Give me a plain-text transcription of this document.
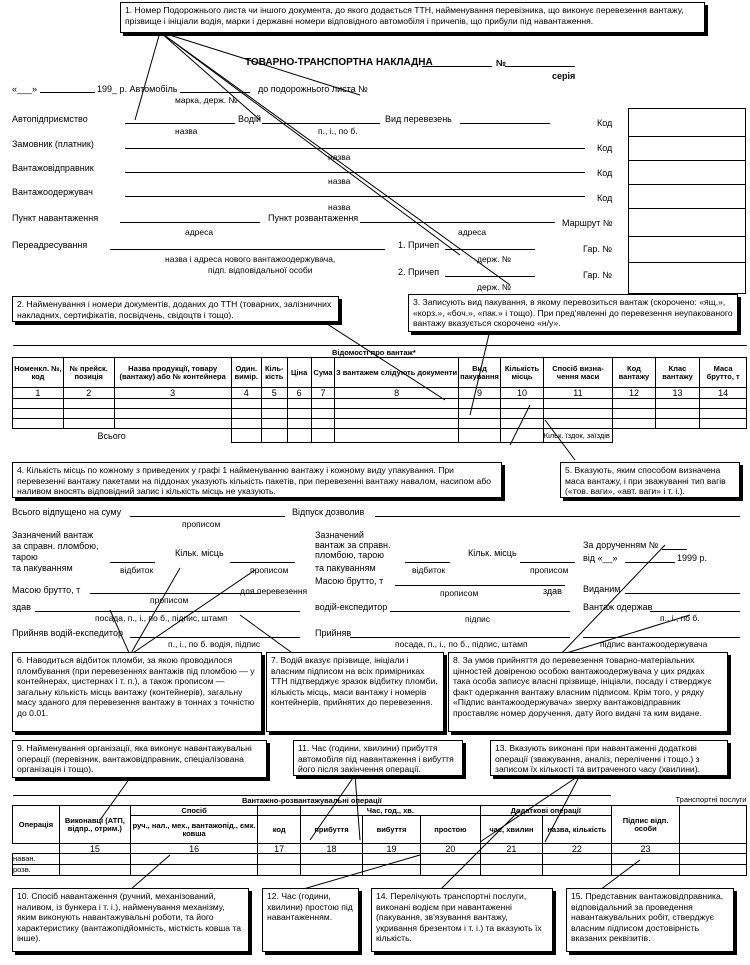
1. Номер Подорожнього листа чи іншого документа, до якого додається ТТН, найменування перевізника, що виконує перевезення вантажу, прізвище і ініціали водія, марки і державні номери відповідного автомобіля і причепів, що прибули під навантаження.
ТОВАРНО-ТРАНСПОРТНА НАКЛАДНА	№
серія
«___»	199_ р. Автомобіль	до подорожнього листа №
марка, держ. №
Автопідприємство	Водій	Вид перевезень	Код
назва	п., і., по б.
Замовник (платник)	Код
назва
Вантажовідправник	Код
назва
Вантажоодержувач
Код
назва
Пункт навантаження	Пункт розвантаження	Маршрут №
адреса	адреса
Переадресування	1. Причеп	Гар. №
назва і адреса нового вантажоодержувача,	держ. №
підп. відповідальної особи	2. Причеп	Гар. №
держ. №
2. Найменування і номери документів, доданих до ТТН (товарних, залізничних накладних, сертифікатів, посвідчень, свідоцтв і тощо).
3. Записують вид пакування, в якому перевозиться вантаж (скорочено: «ящ.», «корз.», «боч.», «пак.» і тощо). При пред'явленні до перевезення неупакованого вантажу вказується скорочено «н/у».
Відомості про вантаж*

Номенкл. №, код	№ прейск. позиція	Назва продукції, товару (вантажу) або № контейнера	Один. вимір.	Кіль-кість	Ціна	Сума	З вантажем слідують документи	Вид пакування	Кількість місць	Спосіб визна-чення маси	Код вантажу	Клас вантажу	Маса брутто, т
1	2	3	4	5	6	7	8	9	10	11	12	13	14

Всього										Кільк. їздок, заїздів			
4. Кількість місць по кожному з приведених у графі 1 найменуванню вантажу і кожному виду упакування. При перевезенні вантажу пакетами на піддонах указують кількість пакетів, при перевезенні вантажу навалом, насипом або наливом вносять відповідний запис і кількість місць не указують.
5. Вказують, яким способом визначена маса вантажу, і при зважуванні тип вагів («тов. ваги», «авт. ваги» і т. і.).
Всього відпущено на суму	Відпуск дозволив
прописом
Зазначений вантаж
за справн. пломбою,
Кільк. місць
тарою
та пакуванням	відбиток	прописом
Масою брутто, т
прописом
для перевезення
здав
посада, п., і., по б., підпис, штамп
Прийняв водій-експедитор
п., і., по б. водія, підпис
Зазначений вантаж за справн. пломбою, тарою	Кільк. місць
та пакуванням	відбиток	прописом
Масою брутто, т
прописом	здав
водій-експедитор
підпис
Прийняв
посада, п., і., по б., підпис, штамп
За дорученням №
від «__»	1999 р.
Виданим
Вантаж одержав
п., і., по б.
підпис вантажоодержувача
6. Наводиться відбиток пломби, за якою проводилося пломбування (при перевезеннях вантажів під пломбою — у контейнерах, цистернах і т. п.), а також прописом — загальну кількість місць вантажу (контейнерів), загальну масу зданого для перевезення вантажу в тоннах з точністю до 0.01.
7. Водій вказує прізвище, ініціали і власним підписом на всіх примірниках ТТН підтверджує зразок відбитку пломби, кількість місць, маси вантажу і номерів контейнерів, прийнятих до перевезення.
8. За умов прийняття до перевезення товарно-матеріальних цінностей довіреною особою вантажоодержувача у цих рядках така особа записує власні прізвище, ініціали, посаду і стверджує факт одержання вантажу власним підписом. Крім того, у рядку «Підпис вантажоодержувача» зверху вантажовідправник проставляє номер доручення, дату його видачі та ким видане.
9. Найменування організації, яка виконує навантажувальні операції (перевізник, вантажовідправник, спеціалізована організація і тощо).
11. Час (години, хвилини) прибуття автомобіля під навантаження і вибуття його після закінчення операції.
13. Вказують виконані при навантаженні додаткові операції (зважування, аналіз, переліченні і тощо.) з записом їх кількості та витраченого часу (хвилини).
Вантажно-розвантажувальні операції									Транспортні послуги	
Операція	Виконавці (АТП, відпр., отрим.)	Спосіб		Час, год., хв.			Додаткові операції		Підпис відп. особи	
		руч., нал., мех., вантажопід., ємк. ковша	код	прибуття	вибуття	простою	час, хвилин	назва, кількість		
	15	16	17	18	19	20	21	22	23	
наван.										
розв.										
10. Спосіб навантаження (ручний, механізований, наливом, із бункера і т. і.), найменування механізму, яким виконують навантажувальні роботи, та його характеристику (вантажопідйомність, місткість ковша та інше).
12. Час (години, хвилини) простою під навантаженням.
14. Перелічують транспортні послуги, виконані водієм при навантаженні (пакування, зв'язування вантажу, укривання брезентом і т. і.) та вказують їх кількість.
15. Представник вантажовідправника, відповідальний за проведення навантажувальних робіт, стверджує власним підписом достовірність вказаних реквізитів.
